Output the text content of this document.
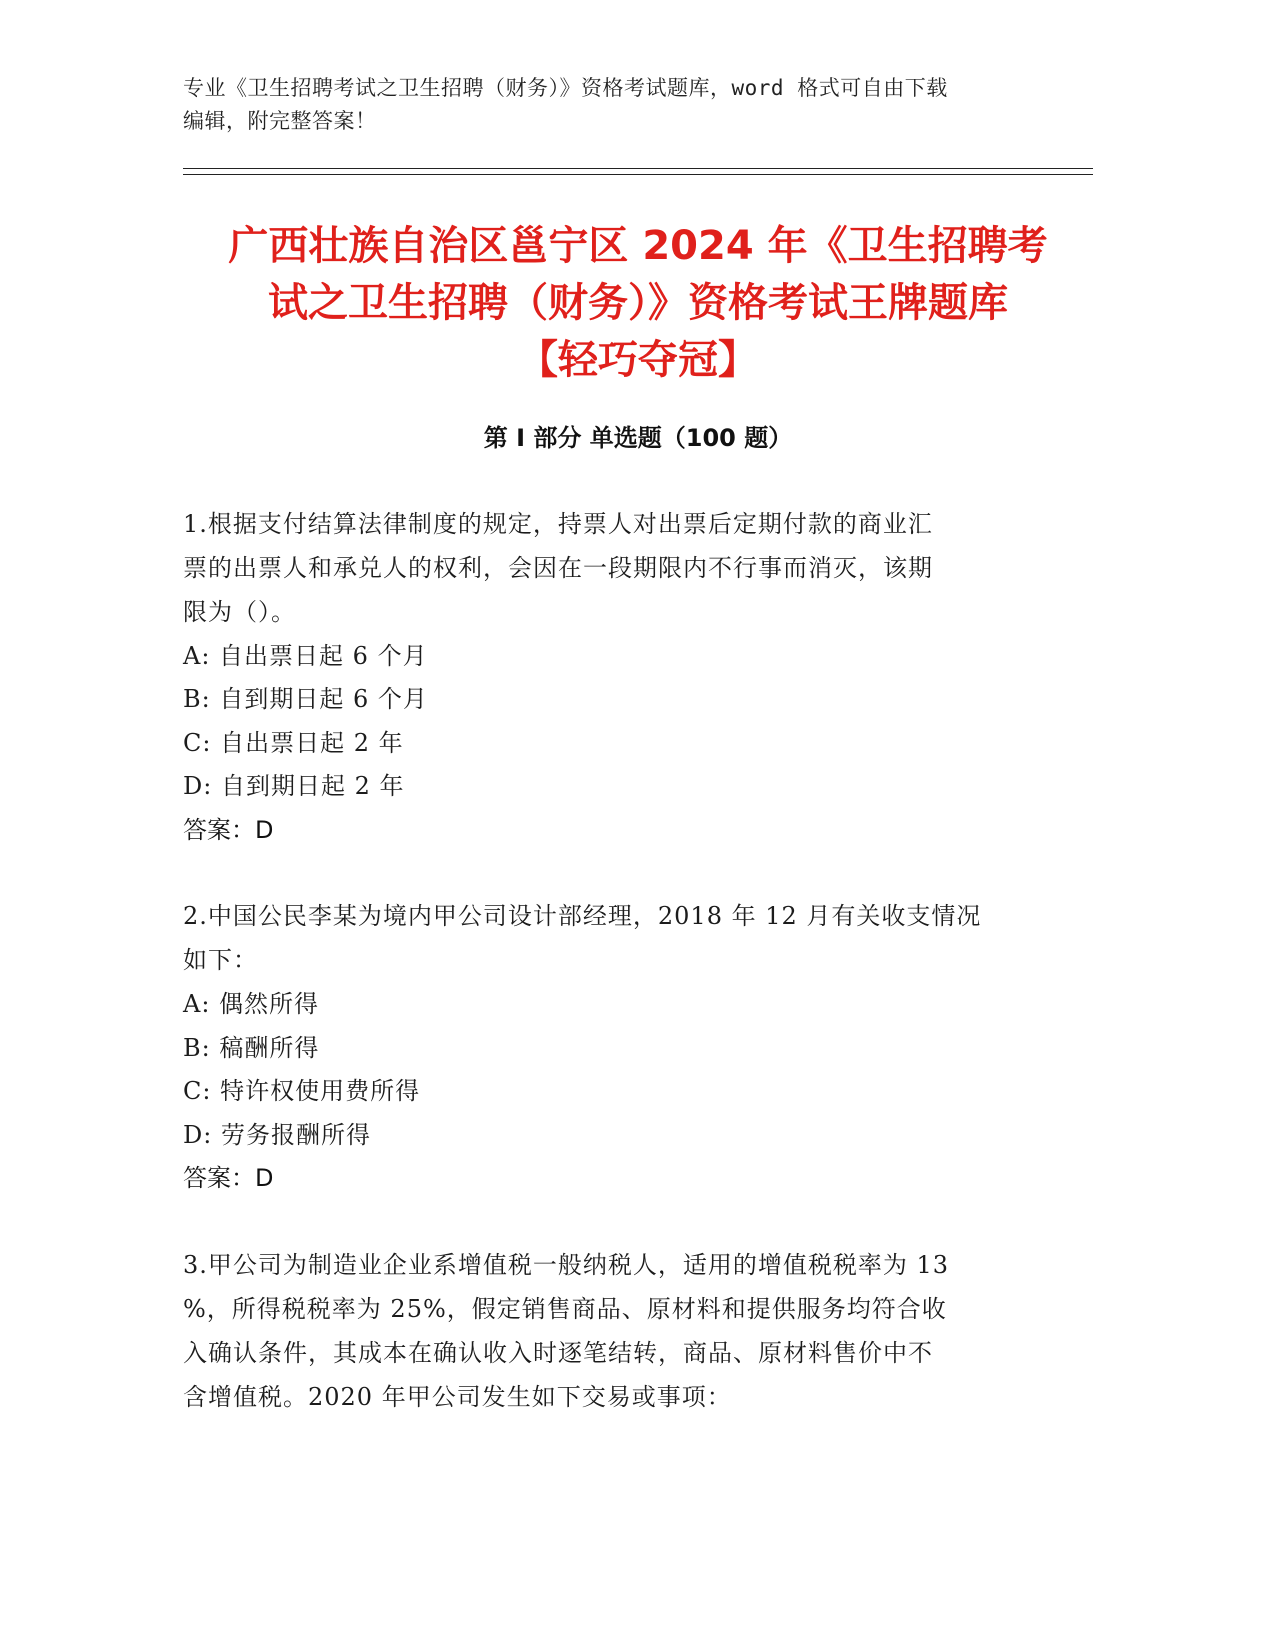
专业《卫生招聘考试之卫生招聘（财务）》资格考试题库，word 格式可自由下载
编辑，附完整答案！
广西壮族自治区邕宁区 2024 年《卫生招聘考
试之卫生招聘（财务）》资格考试王牌题库
【轻巧夺冠】
第 I 部分 单选题（100 题）
1.根据支付结算法律制度的规定，持票人对出票后定期付款的商业汇
票的出票人和承兑人的权利，会因在一段期限内不行事而消灭，该期
限为（）。
A: 自出票日起 6 个月
B: 自到期日起 6 个月
C: 自出票日起 2 年
D: 自到期日起 2 年
答案：D
2.中国公民李某为境内甲公司设计部经理，2018 年 12 月有关收支情况
如下：
A: 偶然所得
B: 稿酬所得
C: 特许权使用费所得
D: 劳务报酬所得
答案：D
3.甲公司为制造业企业系增值税一般纳税人，适用的增值税税率为 13
%，所得税税率为 25%，假定销售商品、原材料和提供服务均符合收
入确认条件，其成本在确认收入时逐笔结转，商品、原材料售价中不
含增值税。2020 年甲公司发生如下交易或事项：
